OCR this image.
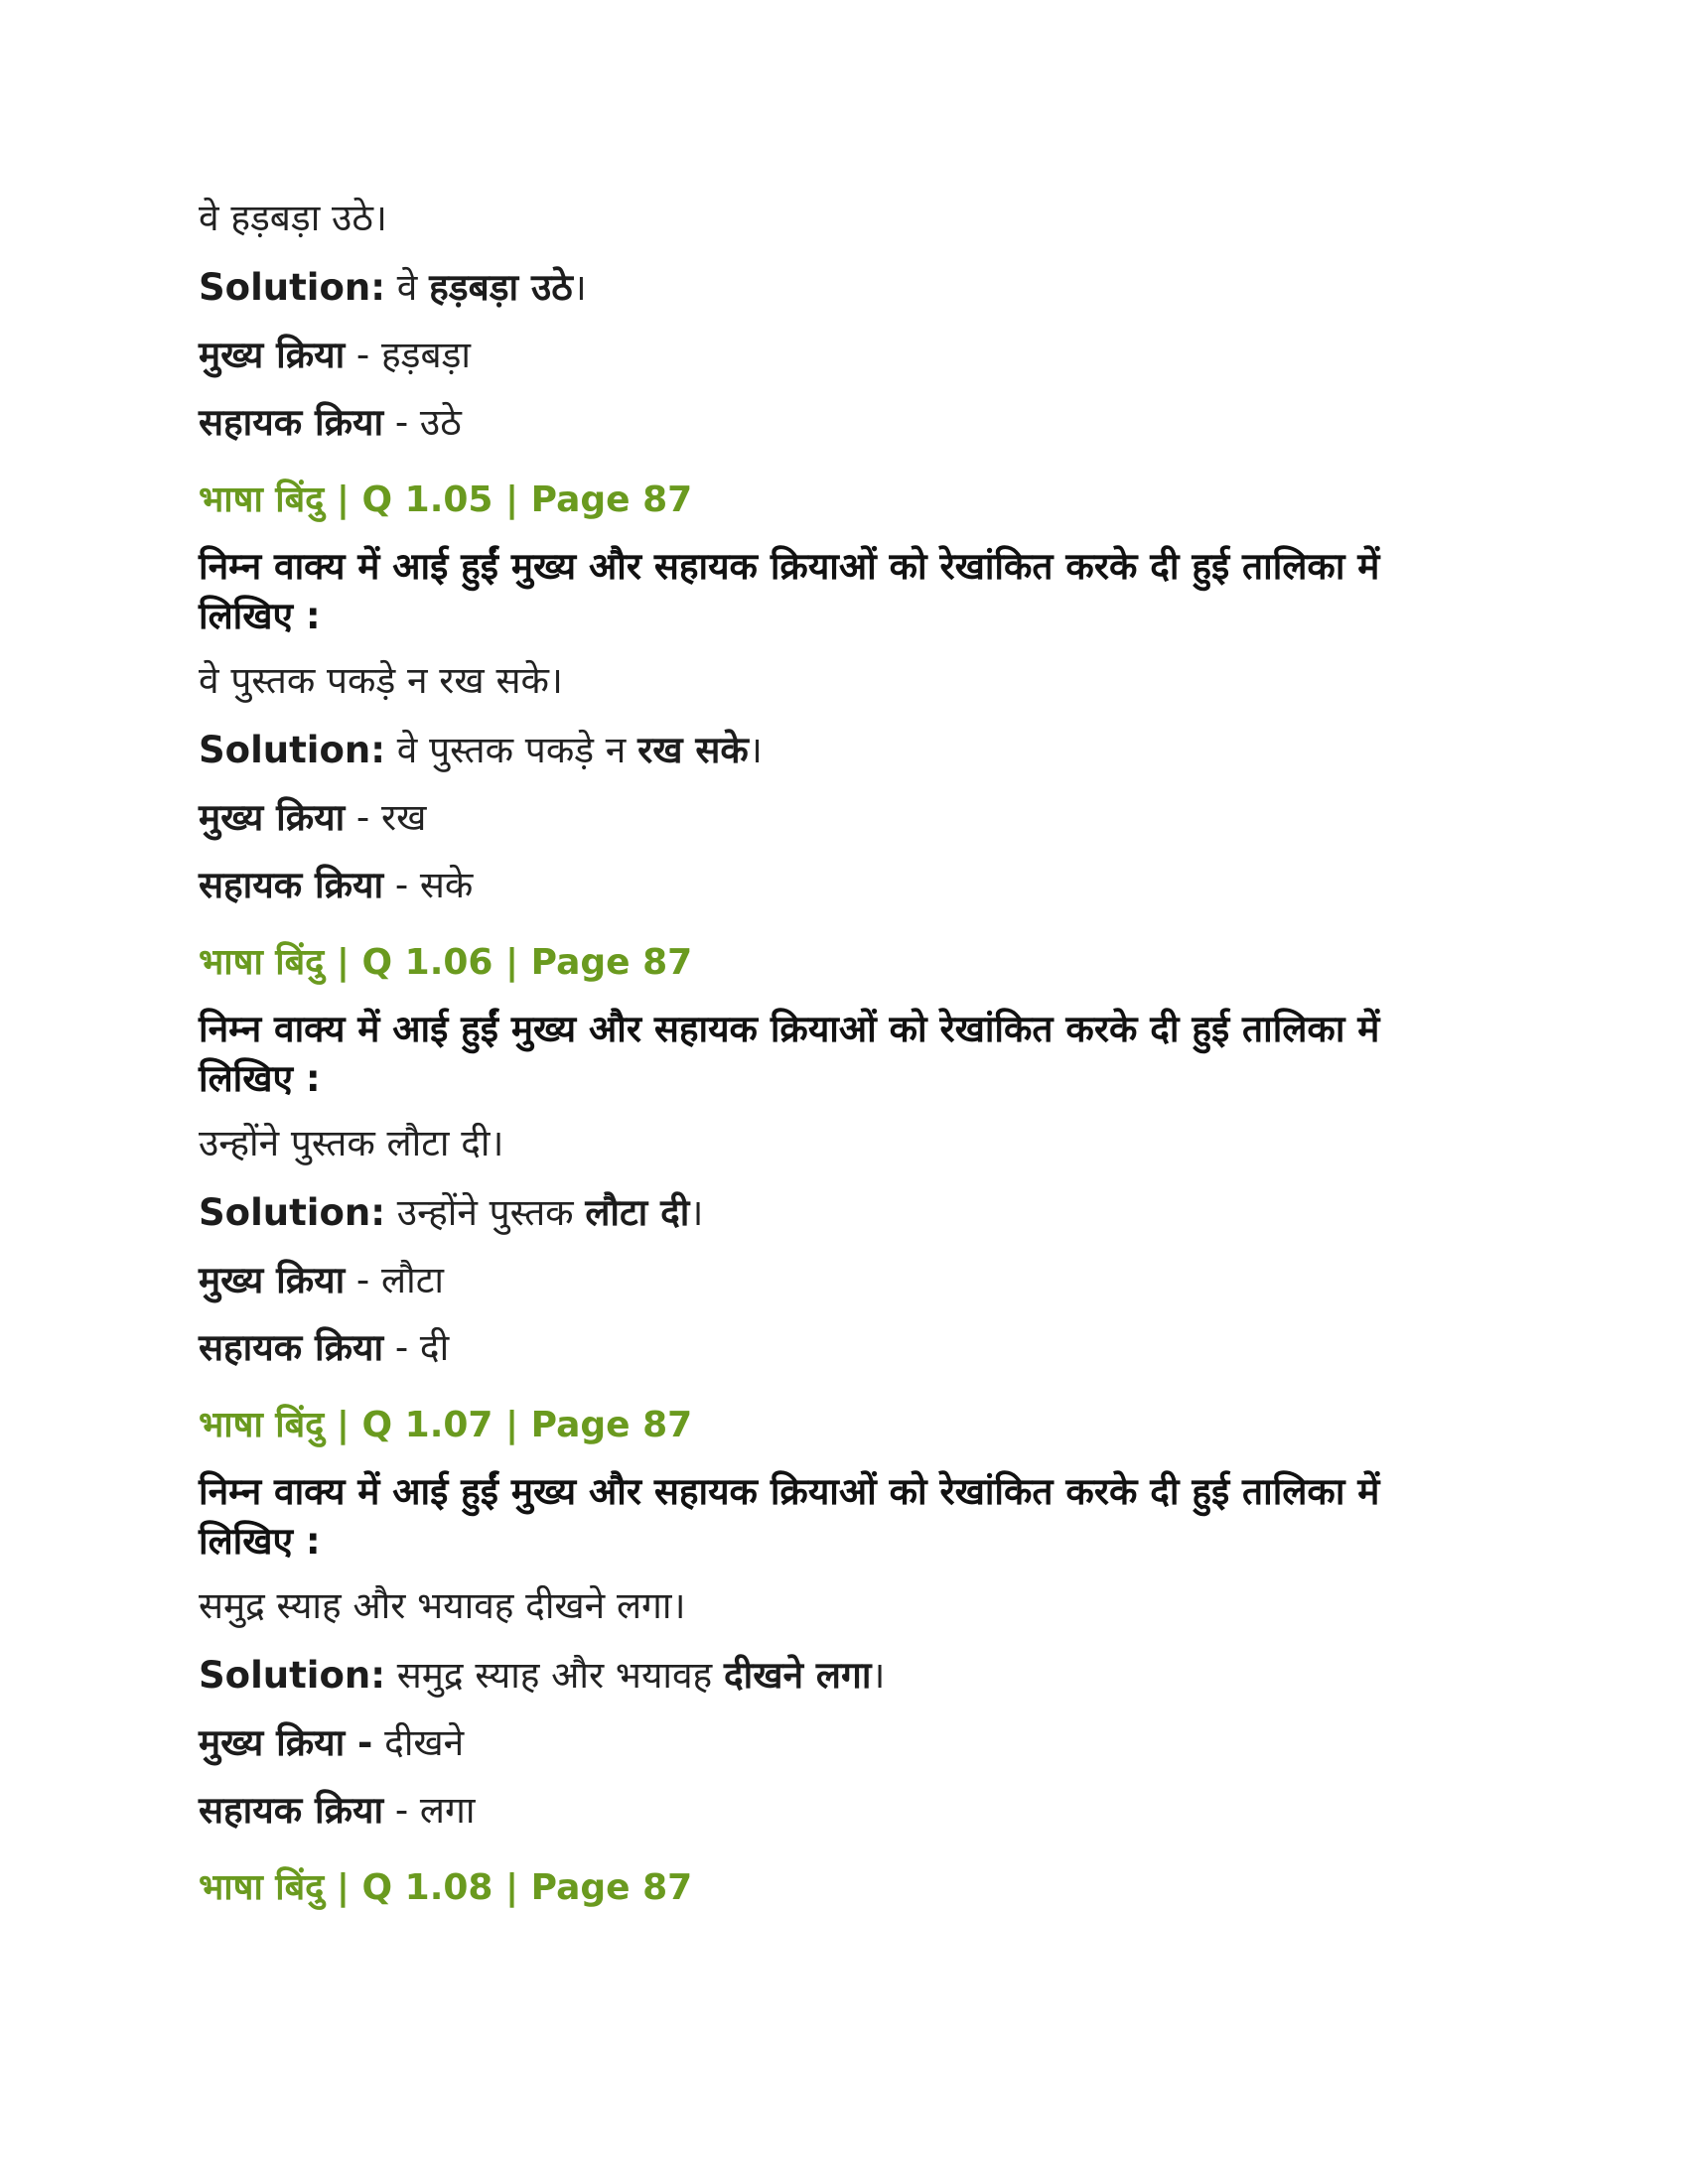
वे हड़बड़ा उठे।
Solution: वे हड़बड़ा उठे।
मुख्य क्रिया - हड़बड़ा
सहायक क्रिया - उठे
भाषा बिंदु | Q 1.05 | Page 87
निम्न वाक्य में आई हुईं मुख्य और सहायक क्रियाओं को रेखांकित करके दी हुई तालिका में
लिखिए :
वे पुस्तक पकड़े न रख सके।
Solution: वे पुस्तक पकड़े न रख सके।
मुख्य क्रिया - रख
सहायक क्रिया - सके
भाषा बिंदु | Q 1.06 | Page 87
निम्न वाक्य में आई हुईं मुख्य और सहायक क्रियाओं को रेखांकित करके दी हुई तालिका में
लिखिए :
उन्होंने पुस्तक लौटा दी।
Solution: उन्होंने पुस्तक लौटा दी।
मुख्य क्रिया - लौटा
सहायक क्रिया - दी
भाषा बिंदु | Q 1.07 | Page 87
निम्न वाक्य में आई हुईं मुख्य और सहायक क्रियाओं को रेखांकित करके दी हुई तालिका में
लिखिए :
समुद्र स्याह और भयावह दीखने लगा।
Solution: समुद्र स्याह और भयावह दीखने लगा।
मुख्य क्रिया - दीखने
सहायक क्रिया - लगा
भाषा बिंदु | Q 1.08 | Page 87
